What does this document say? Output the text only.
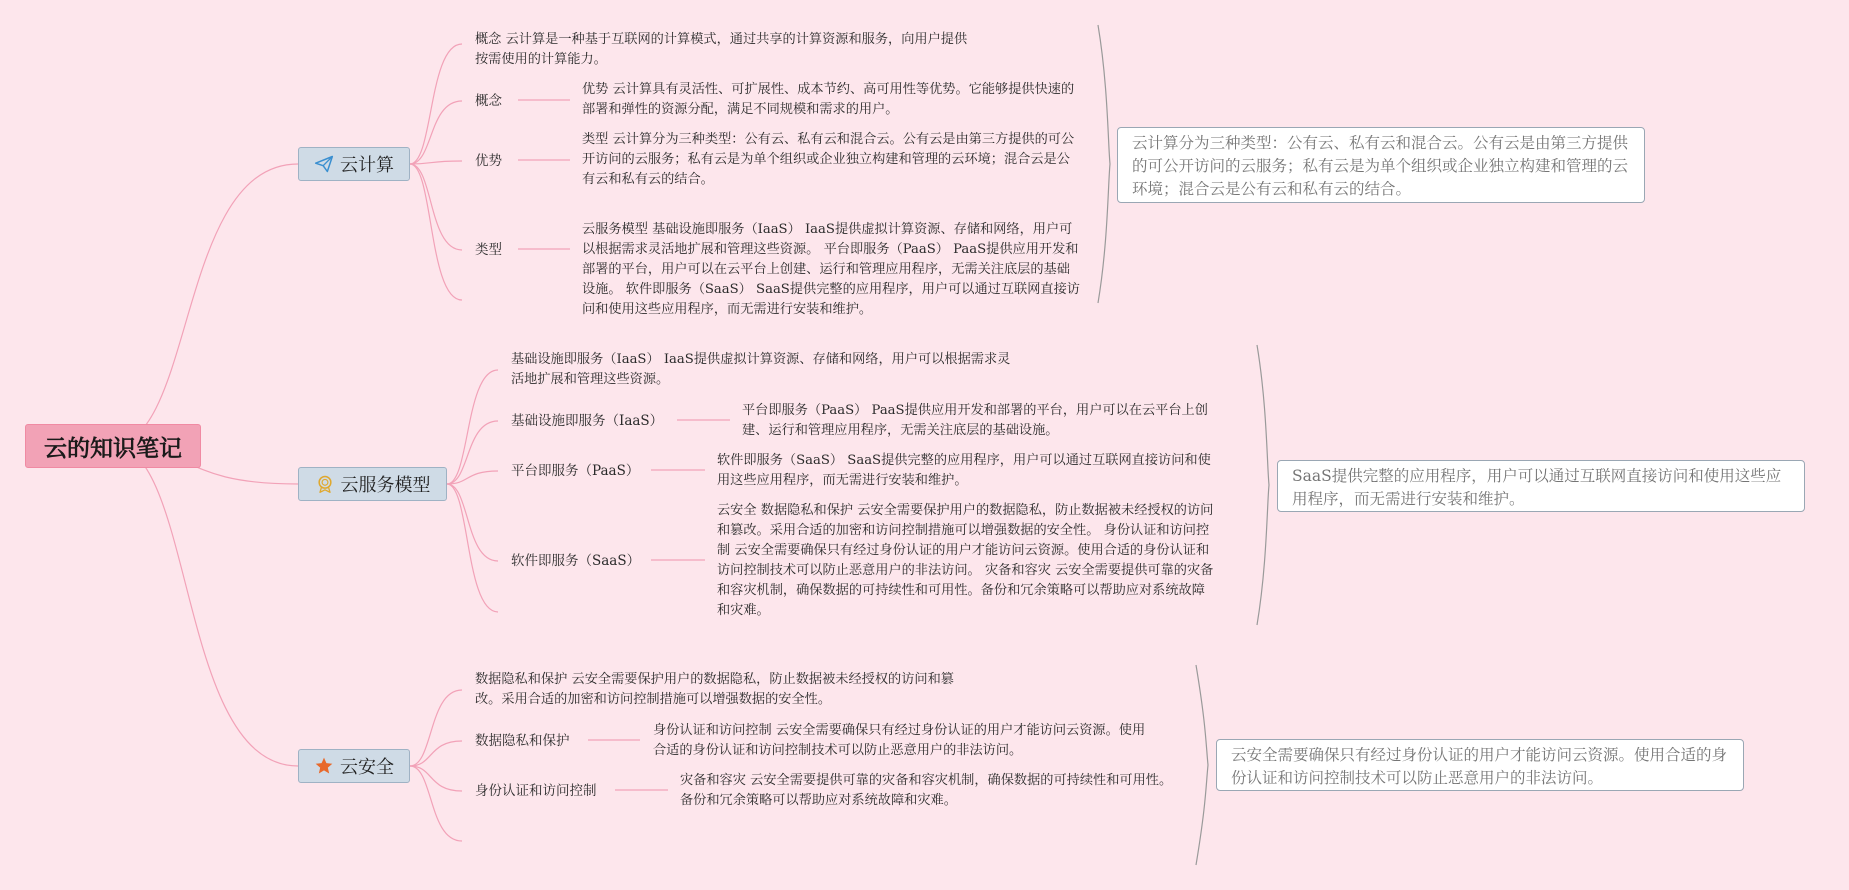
云的知识笔记
云计算
概念 云计算是一种基于互联网的计算模式，通过共享的计算资源和服务，向用户提供按需使用的计算能力。
概念
优势 云计算具有灵活性、可扩展性、成本节约、高可用性等优势。它能够提供快速的部署和弹性的资源分配，满足不同规模和需求的用户。
优势
类型 云计算分为三种类型：公有云、私有云和混合云。公有云是由第三方提供的可公开访问的云服务；私有云是为单个组织或企业独立构建和管理的云环境；混合云是公有云和私有云的结合。
类型
云服务模型 基础设施即服务（IaaS） IaaS提供虚拟计算资源、存储和网络，用户可以根据需求灵活地扩展和管理这些资源。 平台即服务（PaaS） PaaS提供应用开发和部署的平台，用户可以在云平台上创建、运行和管理应用程序，无需关注底层的基础设施。 软件即服务（SaaS） SaaS提供完整的应用程序，用户可以通过互联网直接访问和使用这些应用程序，而无需进行安装和维护。
云计算分为三种类型：公有云、私有云和混合云。公有云是由第三方提供的可公开访问的云服务；私有云是为单个组织或企业独立构建和管理的云环境；混合云是公有云和私有云的结合。
云服务模型
基础设施即服务（IaaS） IaaS提供虚拟计算资源、存储和网络，用户可以根据需求灵活地扩展和管理这些资源。
基础设施即服务（IaaS）
平台即服务（PaaS） PaaS提供应用开发和部署的平台，用户可以在云平台上创建、运行和管理应用程序，无需关注底层的基础设施。
平台即服务（PaaS）
软件即服务（SaaS） SaaS提供完整的应用程序，用户可以通过互联网直接访问和使用这些应用程序，而无需进行安装和维护。
软件即服务（SaaS）
云安全 数据隐私和保护 云安全需要保护用户的数据隐私，防止数据被未经授权的访问和篡改。采用合适的加密和访问控制措施可以增强数据的安全性。 身份认证和访问控制 云安全需要确保只有经过身份认证的用户才能访问云资源。使用合适的身份认证和访问控制技术可以防止恶意用户的非法访问。 灾备和容灾 云安全需要提供可靠的灾备和容灾机制，确保数据的可持续性和可用性。备份和冗余策略可以帮助应对系统故障和灾难。
SaaS提供完整的应用程序，用户可以通过互联网直接访问和使用这些应用程序，而无需进行安装和维护。
云安全
数据隐私和保护 云安全需要保护用户的数据隐私，防止数据被未经授权的访问和篡改。采用合适的加密和访问控制措施可以增强数据的安全性。
数据隐私和保护
身份认证和访问控制 云安全需要确保只有经过身份认证的用户才能访问云资源。使用合适的身份认证和访问控制技术可以防止恶意用户的非法访问。
身份认证和访问控制
灾备和容灾 云安全需要提供可靠的灾备和容灾机制，确保数据的可持续性和可用性。备份和冗余策略可以帮助应对系统故障和灾难。
云安全需要确保只有经过身份认证的用户才能访问云资源。使用合适的身份认证和访问控制技术可以防止恶意用户的非法访问。
